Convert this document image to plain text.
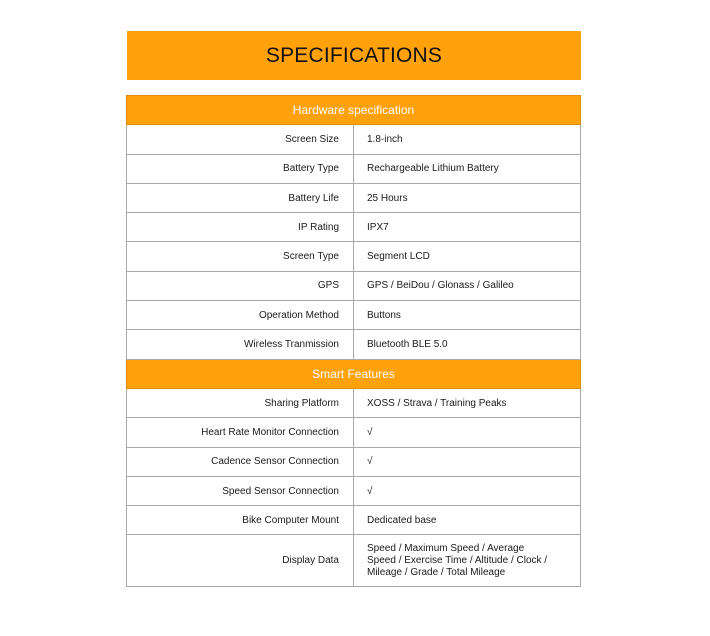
SPECIFICATIONS
Hardware specification	
Screen Size	1.8-inch
Battery Type	Rechargeable Lithium Battery
Battery Life	25 Hours
IP Rating	IPX7
Screen Type	Segment LCD
GPS	GPS / BeiDou / Glonass / Galileo
Operation Method	Buttons
Wireless Tranmission	Bluetooth BLE 5.0
Smart Features	
Sharing Platform	XOSS / Strava / Training Peaks
Heart Rate Monitor Connection	√
Cadence Sensor Connection	√
Speed Sensor Connection	√
Bike Computer Mount	Dedicated base
Display Data	Speed / Maximum Speed / Average Speed / Exercise Time / Altitude / Clock / Mileage / Grade / Total Mileage
